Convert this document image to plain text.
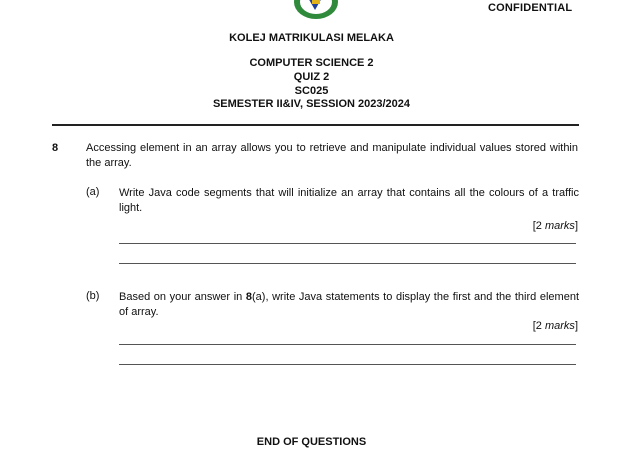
CONFIDENTIAL
KOLEJ MATRIKULASI MELAKA
COMPUTER SCIENCE 2
QUIZ 2
SC025
SEMESTER II&IV, SESSION 2023/2024
8	Accessing element in an array allows you to retrieve and manipulate individual values stored within the array.
(a) Write Java code segments that will initialize an array that contains all the colours of a traffic light.
[2 marks]
(b) Based on your answer in 8(a), write Java statements to display the first and the third element of array.
[2 marks]
END OF QUESTIONS
